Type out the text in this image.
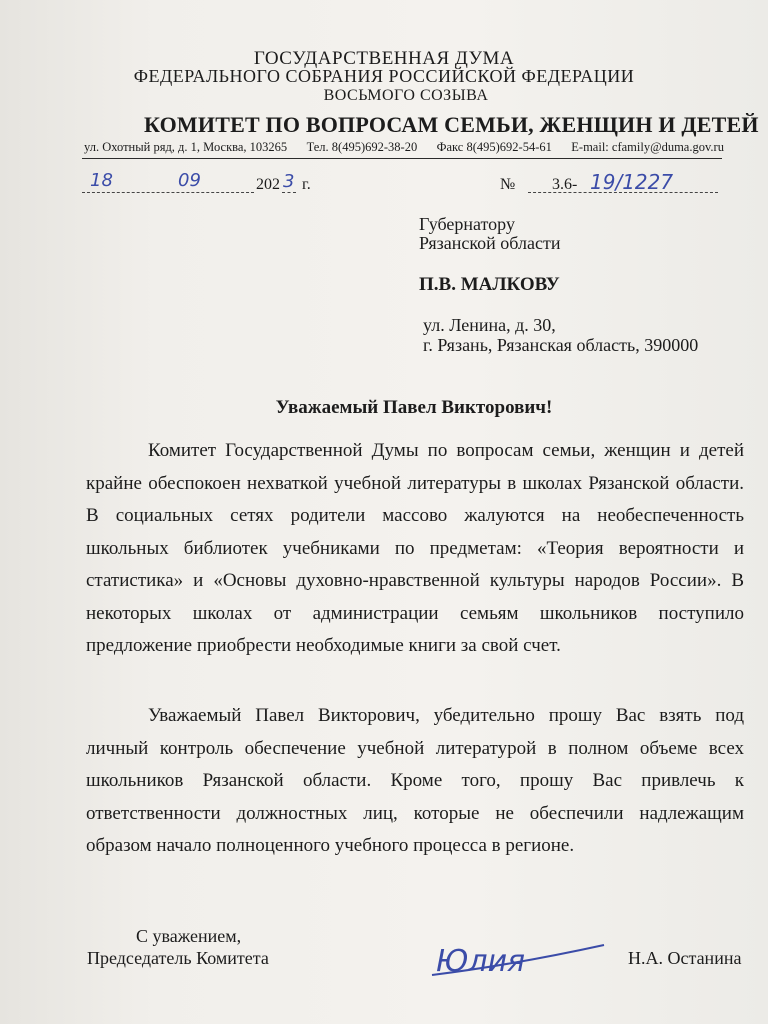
ГОСУДАРСТВЕННАЯ ДУМА
ФЕДЕРАЛЬНОГО СОБРАНИЯ РОССИЙСКОЙ ФЕДЕРАЦИИ
ВОСЬМОГО СОЗЫВА
КОМИТЕТ ПО ВОПРОСАМ СЕМЬИ, ЖЕНЩИН И ДЕТЕЙ
ул. Охотный ряд, д. 1, Москва, 103265 Тел. 8(495)692-38-20 Факс 8(495)692-54-61 E-mail: cfamily@duma.gov.ru
18	09	202 3 г.	№ 3.6- 19/1227
Губернатору
Рязанской области
П.В. МАЛКОВУ
ул. Ленина, д. 30,
г. Рязань, Рязанская область, 390000
Уважаемый Павел Викторович!
Комитет Государственной Думы по вопросам семьи, женщин и детей крайне обеспокоен нехваткой учебной литературы в школах Рязанской области. В социальных сетях родители массово жалуются на необеспеченность школьных библиотек учебниками по предметам: «Теория вероятности и статистика» и «Основы духовно-нравственной культуры народов России». В некоторых школах от администрации семьям школьников поступило предложение приобрести необходимые книги за свой счет.
Уважаемый Павел Викторович, убедительно прошу Вас взять под личный контроль обеспечение учебной литературой в полном объеме всех школьников Рязанской области. Кроме того, прошу Вас привлечь к ответственности должностных лиц, которые не обеспечили надлежащим образом начало полноценного учебного процесса в регионе.
С уважением,
Председатель Комитета	Юлия	Н.А. Останина
